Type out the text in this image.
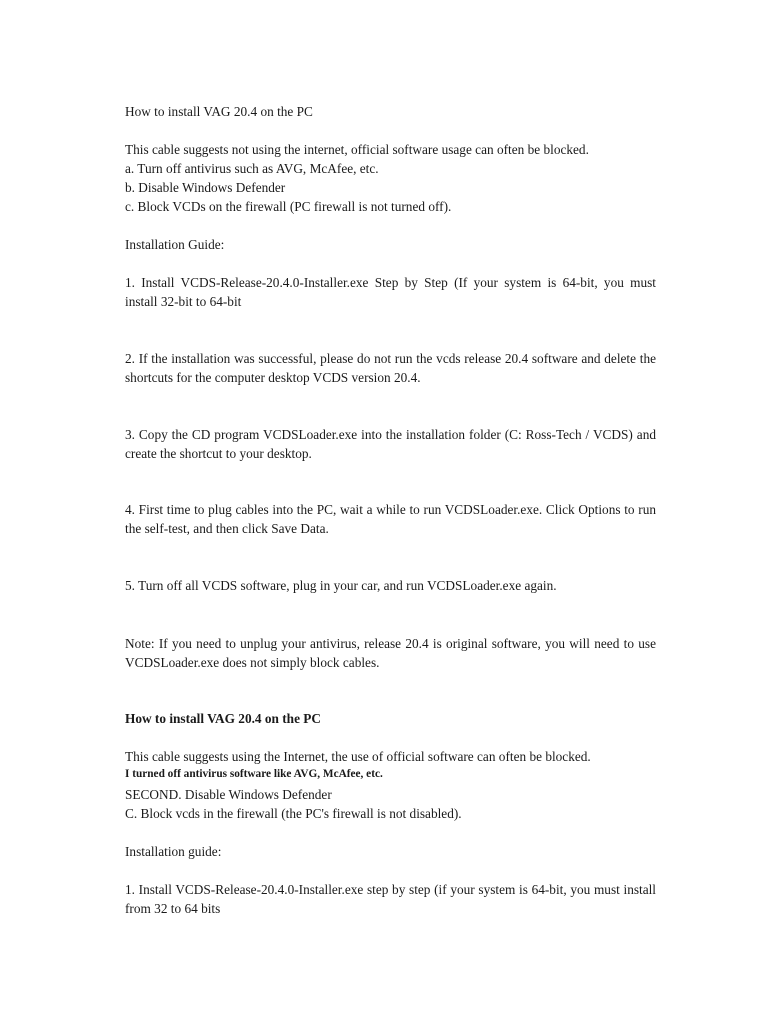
How to install VAG 20.4 on the PC

This cable suggests not using the internet, official software usage can often be blocked.

a. Turn off antivirus such as AVG, McAfee, etc.

b. Disable Windows Defender

c. Block VCDs on the firewall (PC firewall is not turned off).

Installation Guide:

1. Install VCDS-Release-20.4.0-Installer.exe Step by Step (If your system is 64-bit, you must install 32-bit to 64-bit

2. If the installation was successful, please do not run the vcds release 20.4 software and delete the shortcuts for the computer desktop VCDS version 20.4.

3. Copy the CD program VCDSLoader.exe into the installation folder (C: Ross-Tech / VCDS) and create the shortcut to your desktop.

4. First time to plug cables into the PC, wait a while to run VCDSLoader.exe. Click Options to run the self-test, and then click Save Data.

5. Turn off all VCDS software, plug in your car, and run VCDSLoader.exe again.

Note: If you need to unplug your antivirus, release 20.4 is original software, you will need to use VCDSLoader.exe does not simply block cables.

How to install VAG 20.4 on the PC

This cable suggests using the Internet, the use of official software can often be blocked.

I turned off antivirus software like AVG, McAfee, etc.

SECOND. Disable Windows Defender

C. Block vcds in the firewall (the PC's firewall is not disabled).

Installation guide:

1. Install VCDS-Release-20.4.0-Installer.exe step by step (if your system is 64-bit, you must install from 32 to 64 bits
